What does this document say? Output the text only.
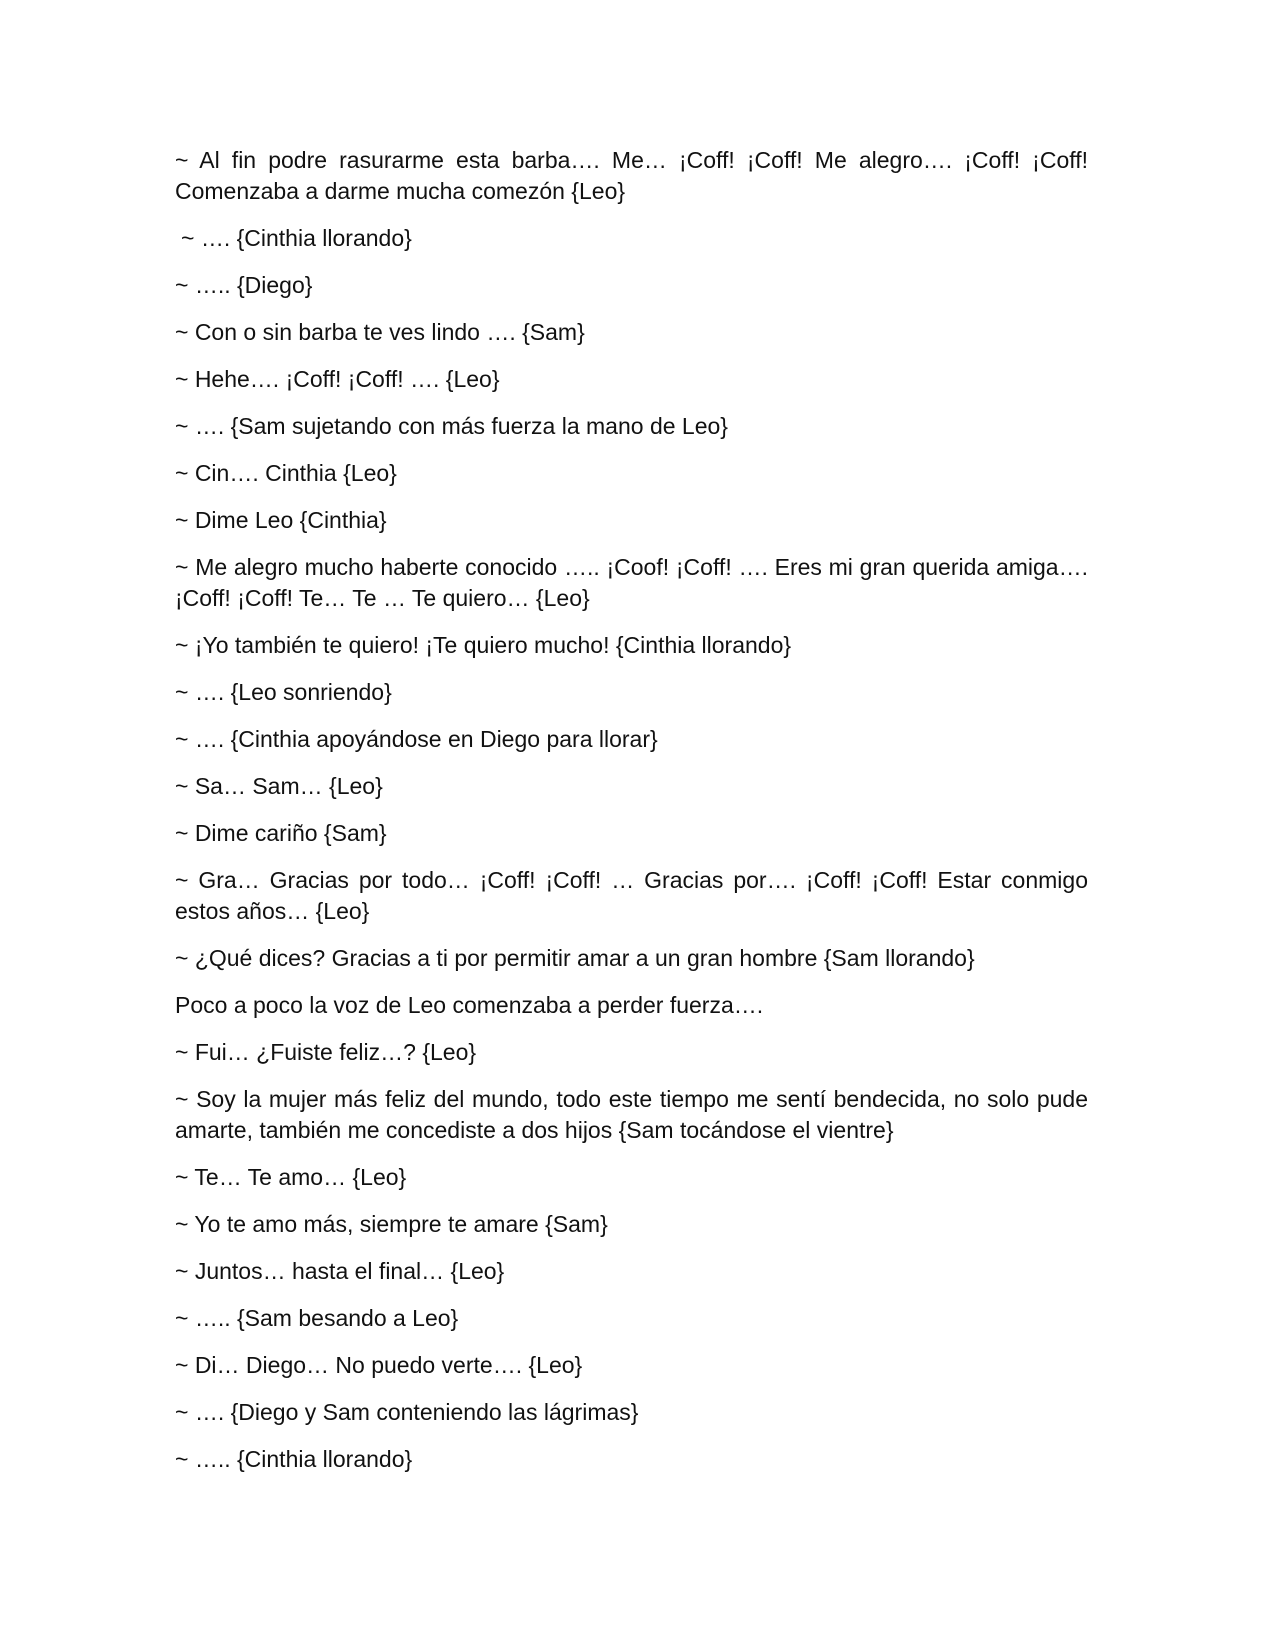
~ Al fin podre rasurarme esta barba…. Me… ¡Coff! ¡Coff! Me alegro…. ¡Coff! ¡Coff! Comenzaba a darme mucha comezón {Leo}

~ …. {Cinthia llorando}

~ ….. {Diego}

~ Con o sin barba te ves lindo …. {Sam}

~ Hehe…. ¡Coff! ¡Coff! …. {Leo}

~ …. {Sam sujetando con más fuerza la mano de Leo}

~ Cin…. Cinthia {Leo}

~ Dime Leo {Cinthia}

~ Me alegro mucho haberte conocido ….. ¡Coof! ¡Coff! …. Eres mi gran querida amiga…. ¡Coff! ¡Coff! Te… Te … Te quiero… {Leo}

~ ¡Yo también te quiero! ¡Te quiero mucho! {Cinthia llorando}

~ …. {Leo sonriendo}

~ …. {Cinthia apoyándose en Diego para llorar}

~ Sa… Sam… {Leo}

~ Dime cariño {Sam}

~ Gra… Gracias por todo… ¡Coff! ¡Coff! … Gracias por…. ¡Coff! ¡Coff! Estar conmigo estos años… {Leo}

~ ¿Qué dices? Gracias a ti por permitir amar a un gran hombre {Sam llorando}

Poco a poco la voz de Leo comenzaba a perder fuerza….

~ Fui… ¿Fuiste feliz…? {Leo}

~ Soy la mujer más feliz del mundo, todo este tiempo me sentí bendecida, no solo pude amarte, también me concediste a dos hijos {Sam tocándose el vientre}

~ Te… Te amo… {Leo}

~ Yo te amo más, siempre te amare {Sam}

~ Juntos… hasta el final… {Leo}

~ ….. {Sam besando a Leo}

~ Di… Diego… No puedo verte…. {Leo}

~ …. {Diego y Sam conteniendo las lágrimas}

~ ….. {Cinthia llorando}
